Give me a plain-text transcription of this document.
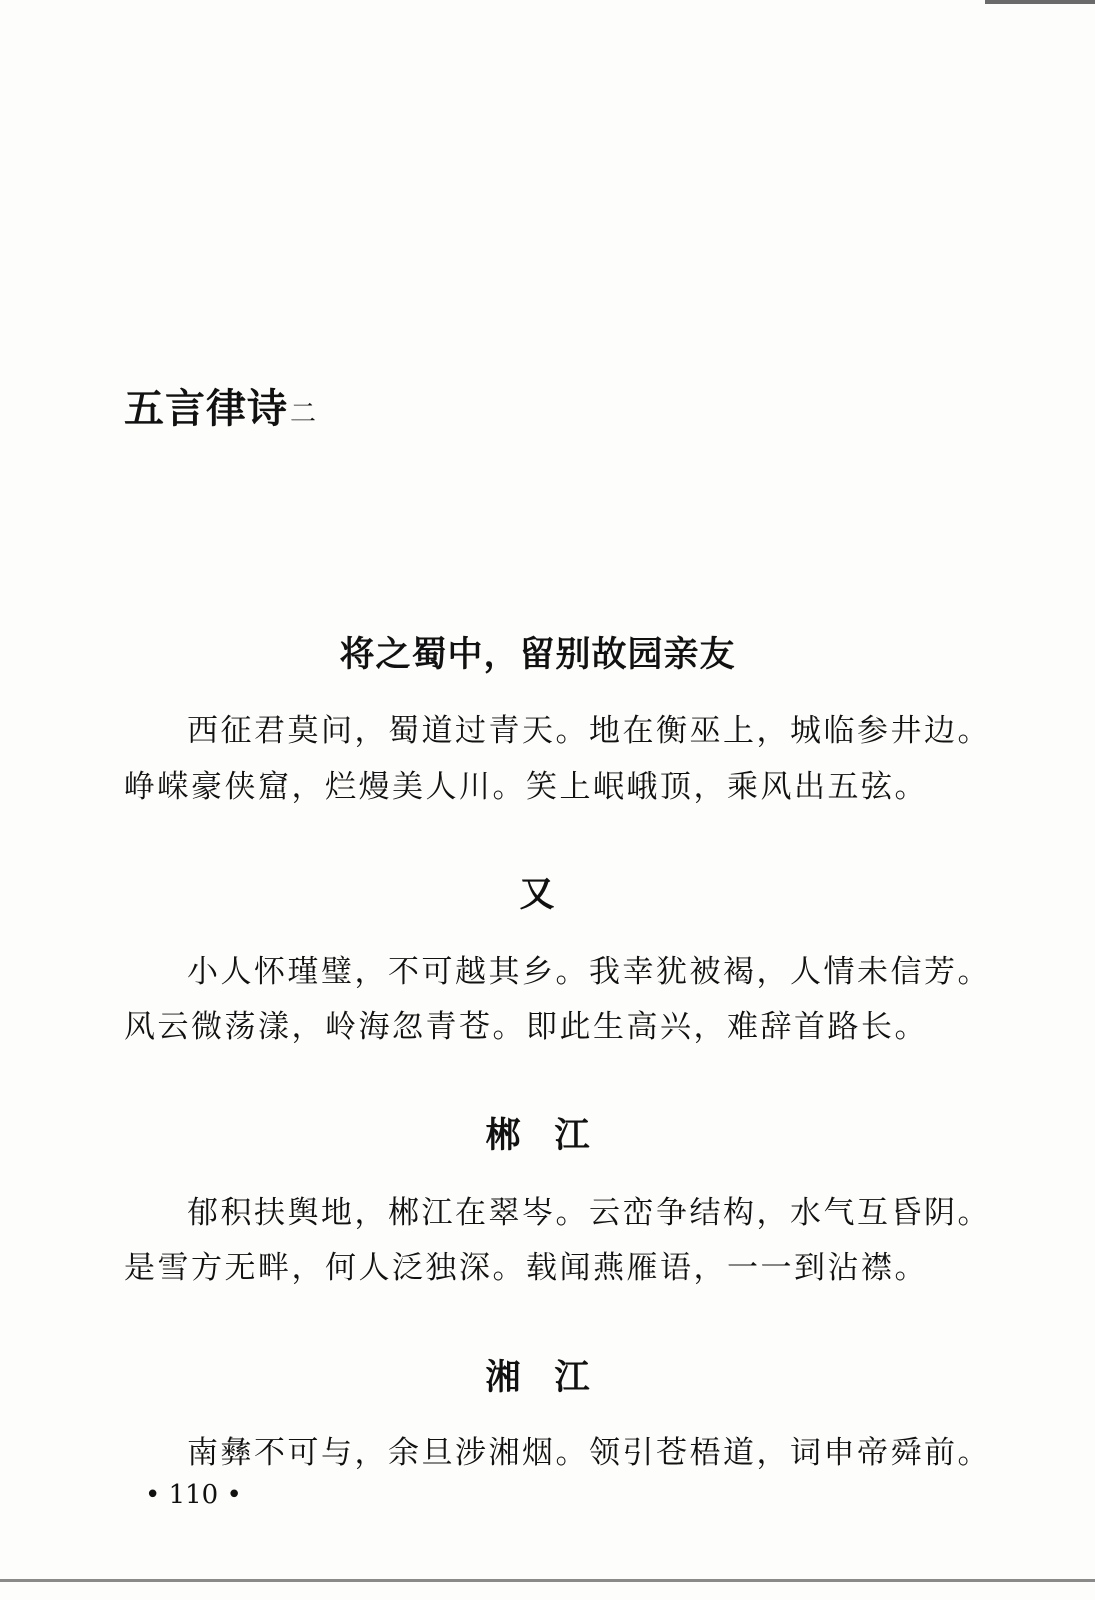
五言律诗二
将之蜀中，留别故园亲友
西征君莫问，蜀道过青天。地在衡巫上，城临参井边。
峥嵘豪侠窟，烂熳美人川。笑上岷峨顶，乘风出五弦。
又
小人怀瑾璧，不可越其乡。我幸犹被褐，人情未信芳。
风云微荡漾，岭海忽青苍。即此生高兴，难辞首路长。
郴江
郁积扶舆地，郴江在翠岑。云峦争结构，水气互昏阴。
是雪方无畔，何人泛独深。载闻燕雁语，一一到沾襟。
湘江
南彝不可与，余旦涉湘烟。领引苍梧道，词申帝舜前。
• 110 •
